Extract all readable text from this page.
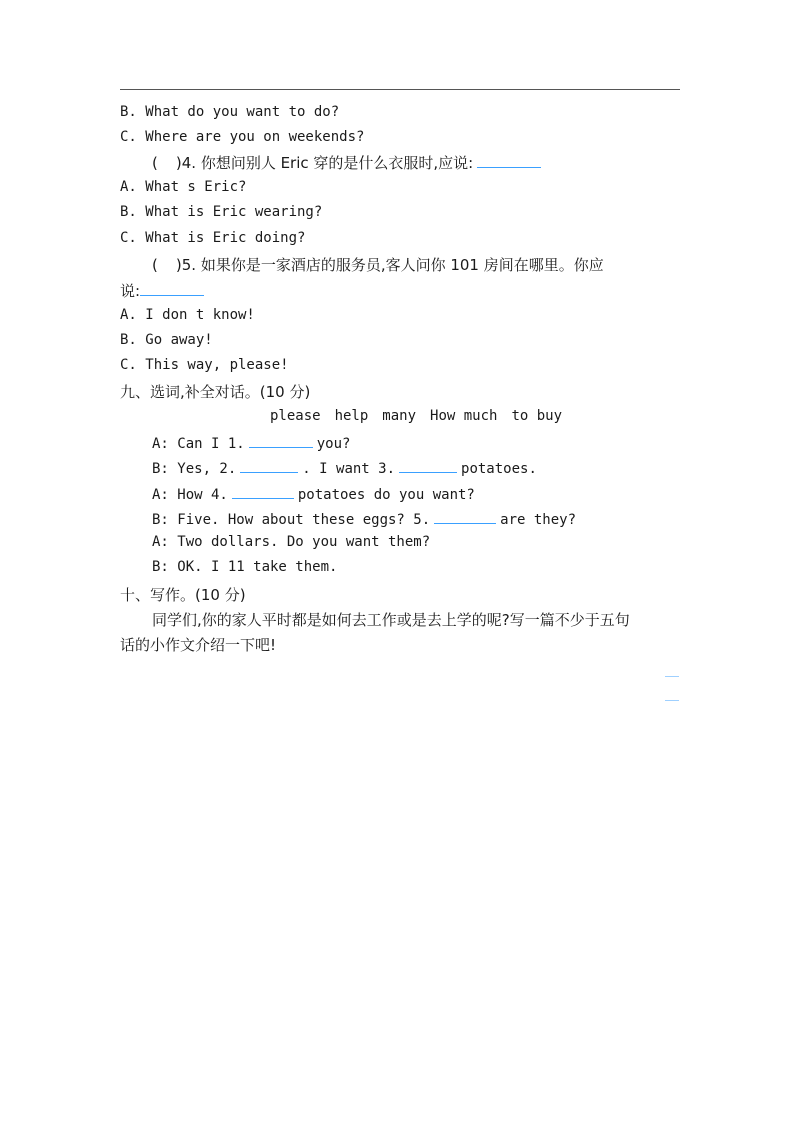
B. What do you want to do?
C. Where are you on weekends?
( )4. 你想问别人 Eric 穿的是什么衣服时,应说:
A. What s Eric?
B. What is Eric wearing?
C. What is Eric doing?
( )5. 如果你是一家酒店的服务员,客人问你 101 房间在哪里。你应
说:
A. I don t know!
B. Go away!
C. This way, please!
九、选词,补全对话。(10 分)
please help many How much to buy
A: Can I 1.	you?
B: Yes, 2.	. I want 3.	potatoes.
A: How 4.	potatoes do you want?
B: Five. How about these eggs? 5.	are they?
A: Two dollars. Do you want them?
B: OK. I 11 take them.
十、写作。(10 分)
同学们,你的家人平时都是如何去工作或是去上学的呢?写一篇不少于五句
话的小作文介绍一下吧!
